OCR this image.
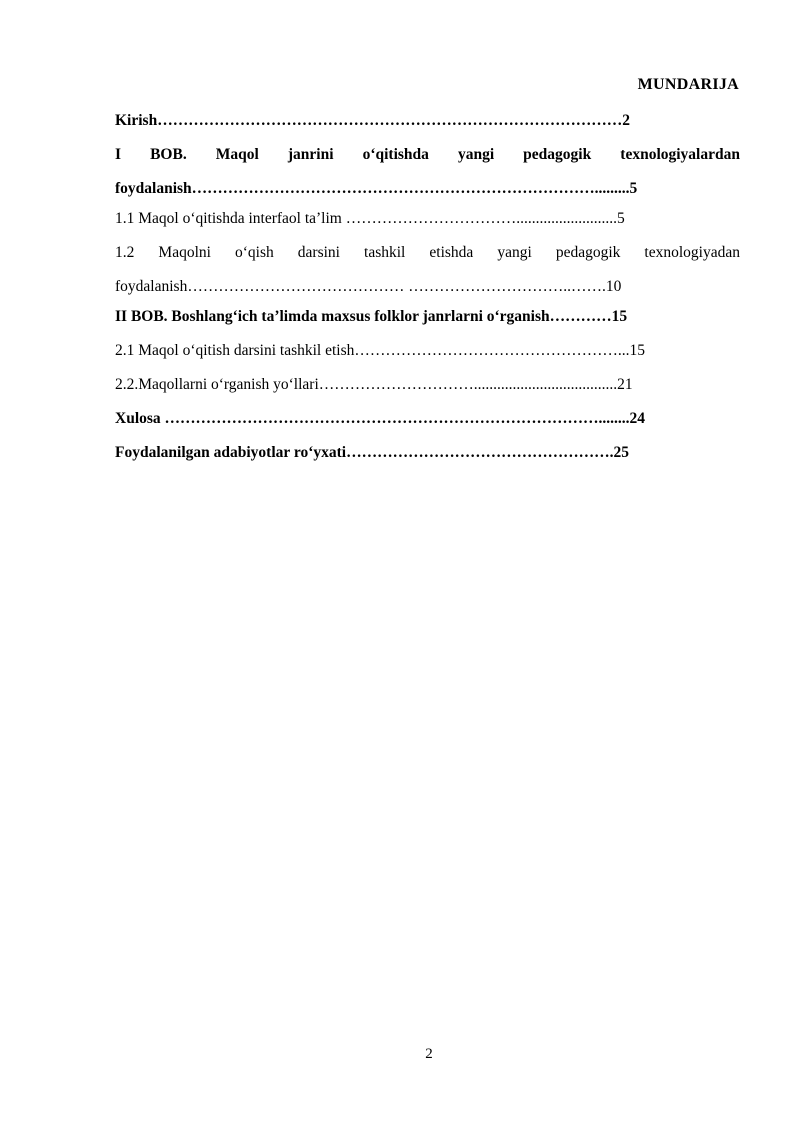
MUNDARIJA
Kirish………………………………………………………………………………2
I BOB. Maqol janrini o‘qitishda yangi pedagogik texnologiyalardan
foydalanish…………………………………………………………………….........5
1.1 Maqol o‘qitishda interfaol ta’lim ……………………………..........................5
1.2 Maqolni o‘qish darsini tashkil etishda yangi pedagogik texnologiyadan
foydalanish…………………………………… …………………………..…….10
II BOB. Boshlang‘ich ta’limda maxsus folklor janrlarni o‘rganish…………15
2.1 Maqol o‘qitish darsini tashkil etish……………………………………………...15
2.2.Maqollarni o‘rganish yo‘llari………………………….....................................21
Xulosa …………………………………………………………………………........24
Foydalanilgan adabiyotlar ro‘yxati…………………………………………….25
2
